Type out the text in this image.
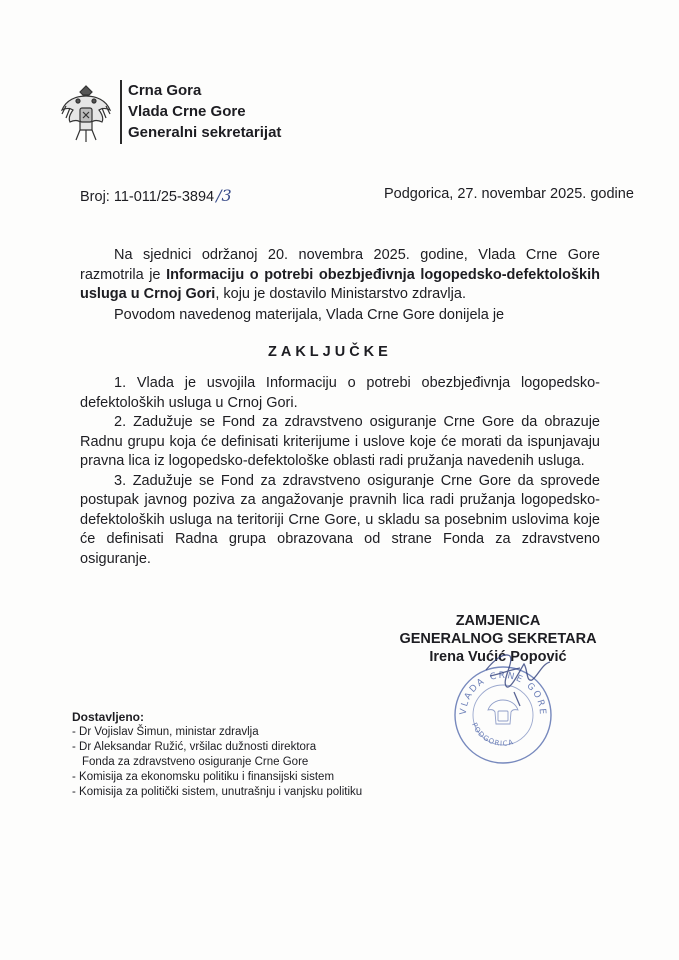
Crna Gora
Vlada Crne Gore
Generalni sekretarijat
Broj: 11-011/25-3894 /3	Podgorica, 27. novembar 2025. godine
Na sjednici održanoj 20. novembra 2025. godine, Vlada Crne Gore razmotrila je Informaciju o potrebi obezbjeđivnja logopedsko-defektoloških usluga u Crnoj Gori, koju je dostavilo Ministarstvo zdravlja.
Povodom navedenog materijala, Vlada Crne Gore donijela je
ZAKLJUČKE

1. Vlada je usvojila Informaciju o potrebi obezbjeđivnja logopedsko-defektoloških usluga u Crnoj Gori.

2. Zadužuje se Fond za zdravstveno osiguranje Crne Gore da obrazuje Radnu grupu koja će definisati kriterijume i uslove koje će morati da ispunjavaju pravna lica iz logopedsko-defektološke oblasti radi pružanja navedenih usluga.

3. Zadužuje se Fond za zdravstveno osiguranje Crne Gore da sprovede postupak javnog poziva za angažovanje pravnih lica radi pružanja logopedsko-defektoloških usluga na teritoriji Crne Gore, u skladu sa posebnim uslovima koje će definisati Radna grupa obrazovana od strane Fonda za zdravstveno osiguranje.

ZAMJENICA
GENERALNOG SEKRETARA
Irena Vućić Popović
VLADA CRNE GORE
PODGORICA
Dostavljeno:
- Dr Vojislav Šimun, ministar zdravlja
- Dr Aleksandar Ružić, vršilac dužnosti direktora
Fonda za zdravstveno osiguranje Crne Gore
- Komisija za ekonomsku politiku i finansijski sistem
- Komisija za politički sistem, unutrašnju i vanjsku politiku
